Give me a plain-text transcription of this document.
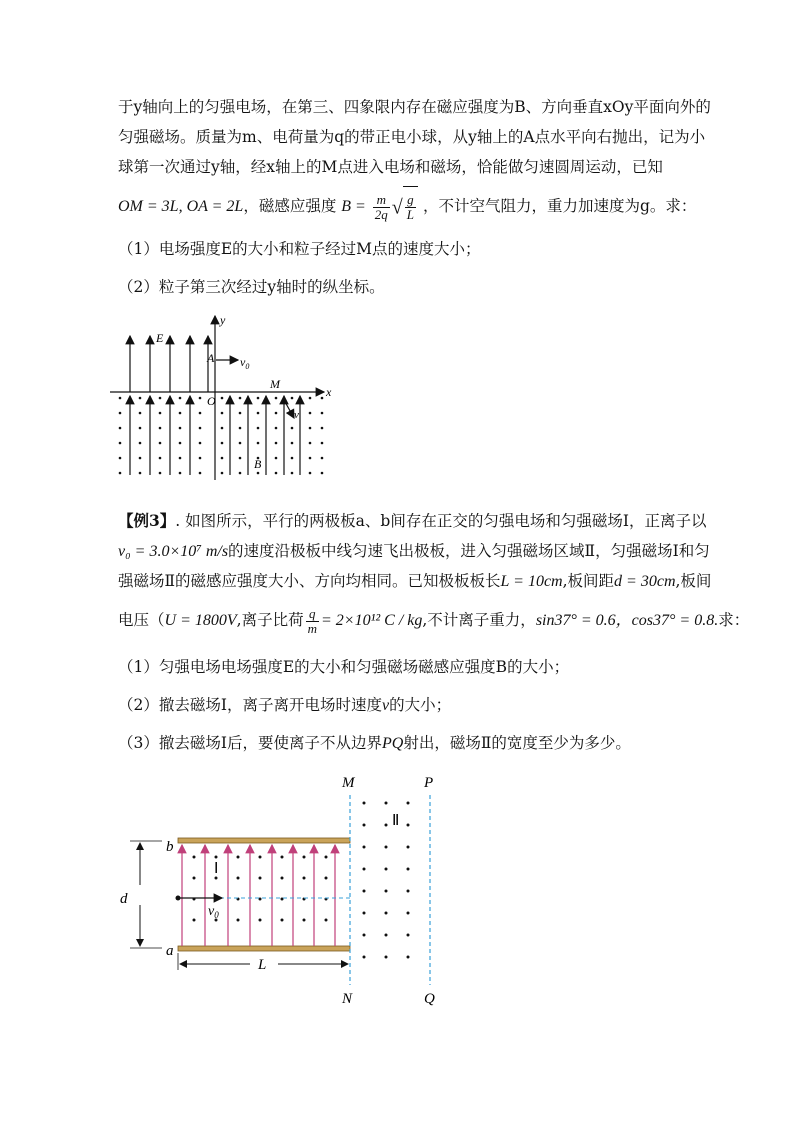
于y轴向上的匀强电场，在第三、四象限内存在磁应强度为B、方向垂直xOy平面向外的
匀强磁场。质量为m、电荷量为q的带正电小球，从y轴上的A点水平向右抛出，记为小
球第一次通过y轴，经x轴上的M点进入电场和磁场，恰能做匀速圆周运动，已知
OM = 3L, OA = 2L，磁感应强度 $B = \frac{m}{2q}$ √ $\frac{g}{L}$ ，不计空气阻力，重力加速度为g。求：
（1）电场强度E的大小和粒子经过M点的速度大小；
（2）粒子第三次经过y轴时的纵坐标。
y
E
A $v_0$
M
x
O
v
B
【例3】. 如图所示，平行的两极板a、b间存在正交的匀强电场和匀强磁场Ⅰ，正离子以
v₀ = 3.0×10⁷ m/s的速度沿极板中线匀速飞出极板，进入匀强磁场区域Ⅱ，匀强磁场Ⅰ和匀
强磁场Ⅱ的磁感应强度大小、方向均相同。已知极板板长L = 10cm,板间距d = 30cm,板间
电压（U = 1800V,离子比荷 $\frac{q}{m} = 2\times 10^{12}$ C / kg,不计离子重力，sin37° = 0.6，cos37° = 0.8.求：
（1）匀强电场电场强度E的大小和匀强磁场磁感应强度B的大小；
（2）撤去磁场Ⅰ，离子离开电场时速度v的大小；
（3）撤去磁场Ⅰ后，要使离子不从边界PQ射出，磁场Ⅱ的宽度至少为多少。
M	P
Ⅱ
b
Ⅰ
d
$v_0$
a
L
N	Q
